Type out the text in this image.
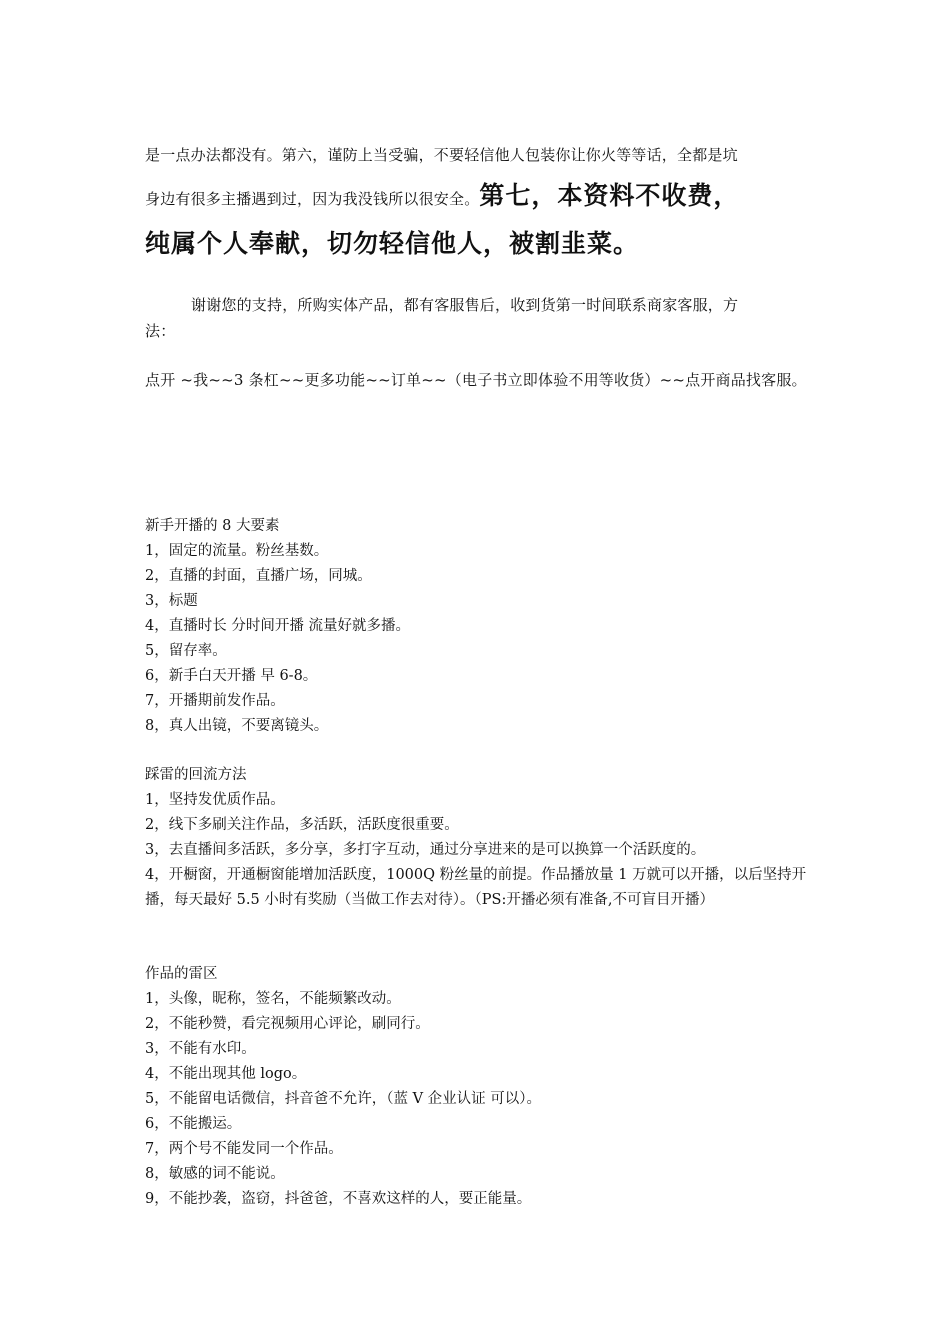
是一点办法都没有。第六，谨防上当受骗，不要轻信他人包装你让你火等等话，全都是坑

身边有很多主播遇到过，因为我没钱所以很安全。第七，本资料不收费，

纯属个人奉献，切勿轻信他人，被割韭菜。

谢谢您的支持，所购实体产品，都有客服售后，收到货第一时间联系商家客服，方

法：

点开 ~我~~3 条杠~~更多功能~~订单~~（电子书立即体验不用等收货）~~点开商品找客服。

新手开播的 8 大要素
1，固定的流量。粉丝基数。
2，直播的封面，直播广场，同城。
3，标题
4，直播时长 分时间开播 流量好就多播。
5，留存率。
6，新手白天开播 早 6-8。
7，开播期前发作品。
8，真人出镜，不要离镜头。
踩雷的回流方法
1，坚持发优质作品。
2，线下多刷关注作品，多活跃，活跃度很重要。
3，去直播间多活跃，多分享，多打字互动，通过分享进来的是可以换算一个活跃度的。
4，开橱窗，开通橱窗能增加活跃度，1000Q 粉丝量的前提。作品播放量 1 万就可以开播，以后坚持开播，每天最好 5.5 小时有奖励（当做工作去对待）。（PS:开播必须有准备,不可盲目开播）
作品的雷区
1，头像，昵称，签名，不能频繁改动。
2，不能秒赞，看完视频用心评论，刷同行。
3，不能有水印。
4，不能出现其他 logo。
5，不能留电话微信，抖音爸不允许，（蓝 V 企业认证 可以）。
6，不能搬运。
7，两个号不能发同一个作品。
8，敏感的词不能说。
9，不能抄袭，盗窃，抖爸爸，不喜欢这样的人，要正能量。
